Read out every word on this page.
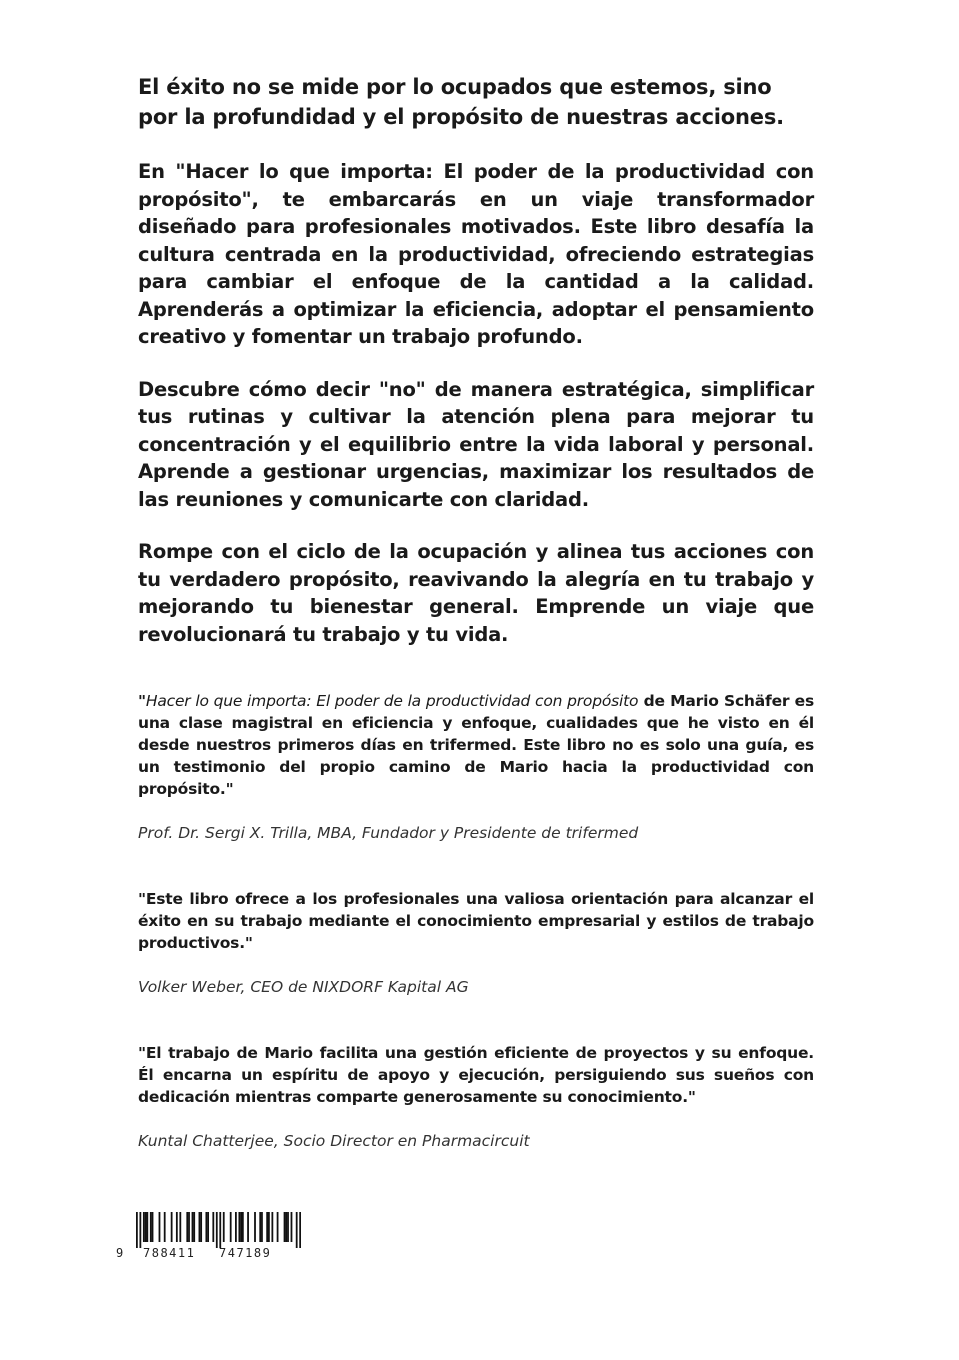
El éxito no se mide por lo ocupados que estemos, sino por la profundidad y el propósito de nuestras acciones.

En "Hacer lo que importa: El poder de la productividad con propósito", te embarcarás en un viaje transformador diseñado para profesionales motivados. Este libro desafía la cultura centrada en la productividad, ofreciendo estrategias para cambiar el enfoque de la cantidad a la calidad. Aprenderás a optimizar la eficiencia, adoptar el pensamiento creativo y fomentar un trabajo profundo.

Descubre cómo decir "no" de manera estratégica, simplificar tus rutinas y cultivar la atención plena para mejorar tu concentración y el equilibrio entre la vida laboral y personal. Aprende a gestionar urgencias, maximizar los resultados de las reuniones y comunicarte con claridad.

Rompe con el ciclo de la ocupación y alinea tus acciones con tu verdadero propósito, reavivando la alegría en tu trabajo y mejorando tu bienestar general. Emprende un viaje que revolucionará tu trabajo y tu vida.

"Hacer lo que importa: El poder de la productividad con propósito de Mario Schäfer es una clase magistral en eficiencia y enfoque, cualidades que he visto en él desde nuestros primeros días en trifermed. Este libro no es solo una guía, es un testimonio del propio camino de Mario hacia la productividad con propósito."

Prof. Dr. Sergi X. Trilla, MBA, Fundador y Presidente de trifermed

"Este libro ofrece a los profesionales una valiosa orientación para alcanzar el éxito en su trabajo mediante el conocimiento empresarial y estilos de trabajo productivos."

Volker Weber, CEO de NIXDORF Kapital AG

"El trabajo de Mario facilita una gestión eficiente de proyectos y su enfoque. Él encarna un espíritu de apoyo y ejecución, persiguiendo sus sueños con dedicación mientras comparte generosamente su conocimiento."

Kuntal Chatterjee, Socio Director en Pharmacircuit

9 788411 747189
